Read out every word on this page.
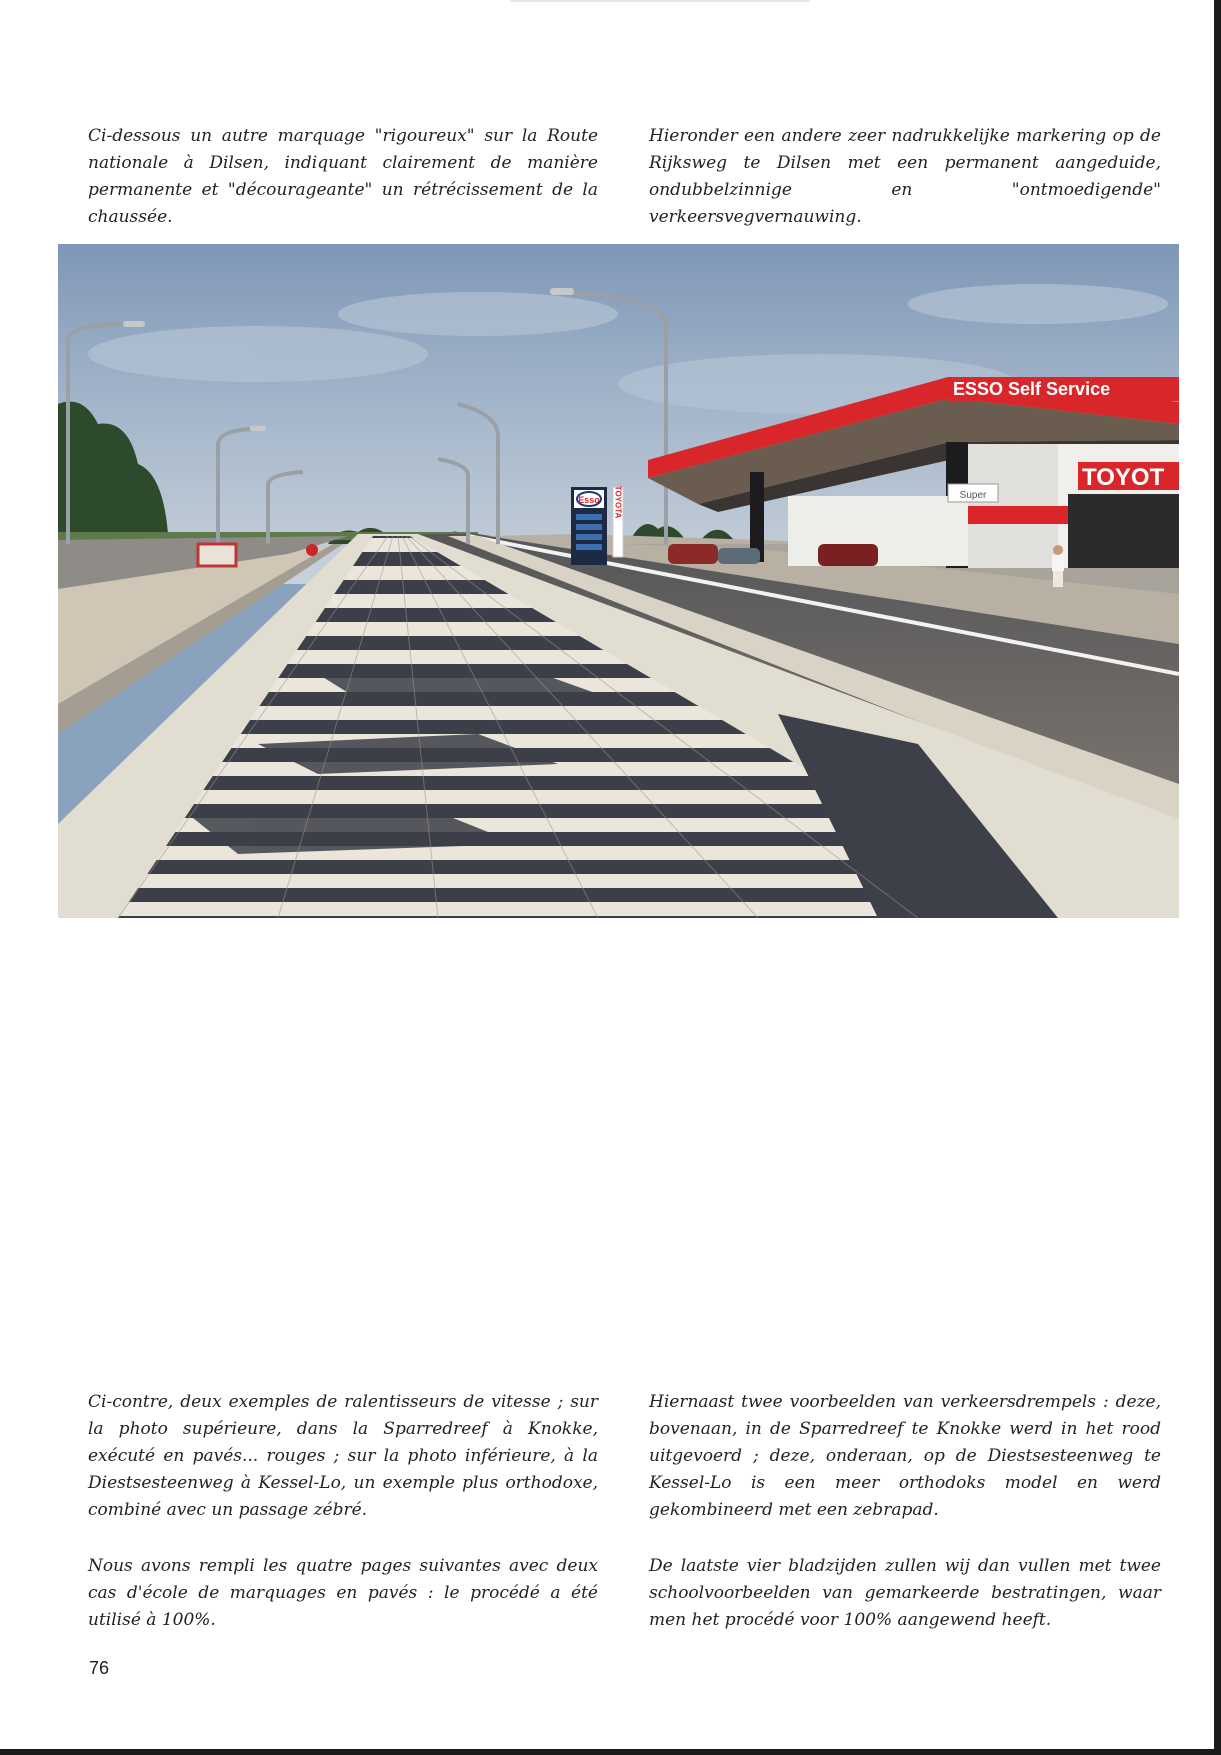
Ci-dessous un autre marquage "rigoureux" sur la Route nationale à Dilsen, indiquant clairement de manière permanente et "décourageante" un rétrécissement de la chaussée.

Hieronder een andere zeer nadrukkelijke markering op de Rijksweg te Dilsen met een permanent aangeduide, ondubbelzinnige en "ontmoedigende" verkeersvegvernauwing.

Esso TOYOTA
ESSO Self Service
Super
TOYOT

Ci-contre, deux exemples de ralentisseurs de vitesse ; sur la photo supérieure, dans la Sparredreef à Knokke, exécuté en pavés... rouges ; sur la photo inférieure, à la Diestsesteenweg à Kessel-Lo, un exemple plus orthodoxe, combiné avec un passage zébré.

Hiernaast twee voorbeelden van verkeersdrempels : deze, bovenaan, in de Sparredreef te Knokke werd in het rood uitgevoerd ; deze, onderaan, op de Diestsesteenweg te Kessel-Lo is een meer orthodoks model en werd gekombineerd met een zebrapad.

Nous avons rempli les quatre pages suivantes avec deux cas d'école de marquages en pavés : le procédé a été utilisé à 100%.

De laatste vier bladzijden zullen wij dan vullen met twee schoolvoorbeelden van gemarkeerde bestratingen, waar men het procédé voor 100% aangewend heeft.

76
